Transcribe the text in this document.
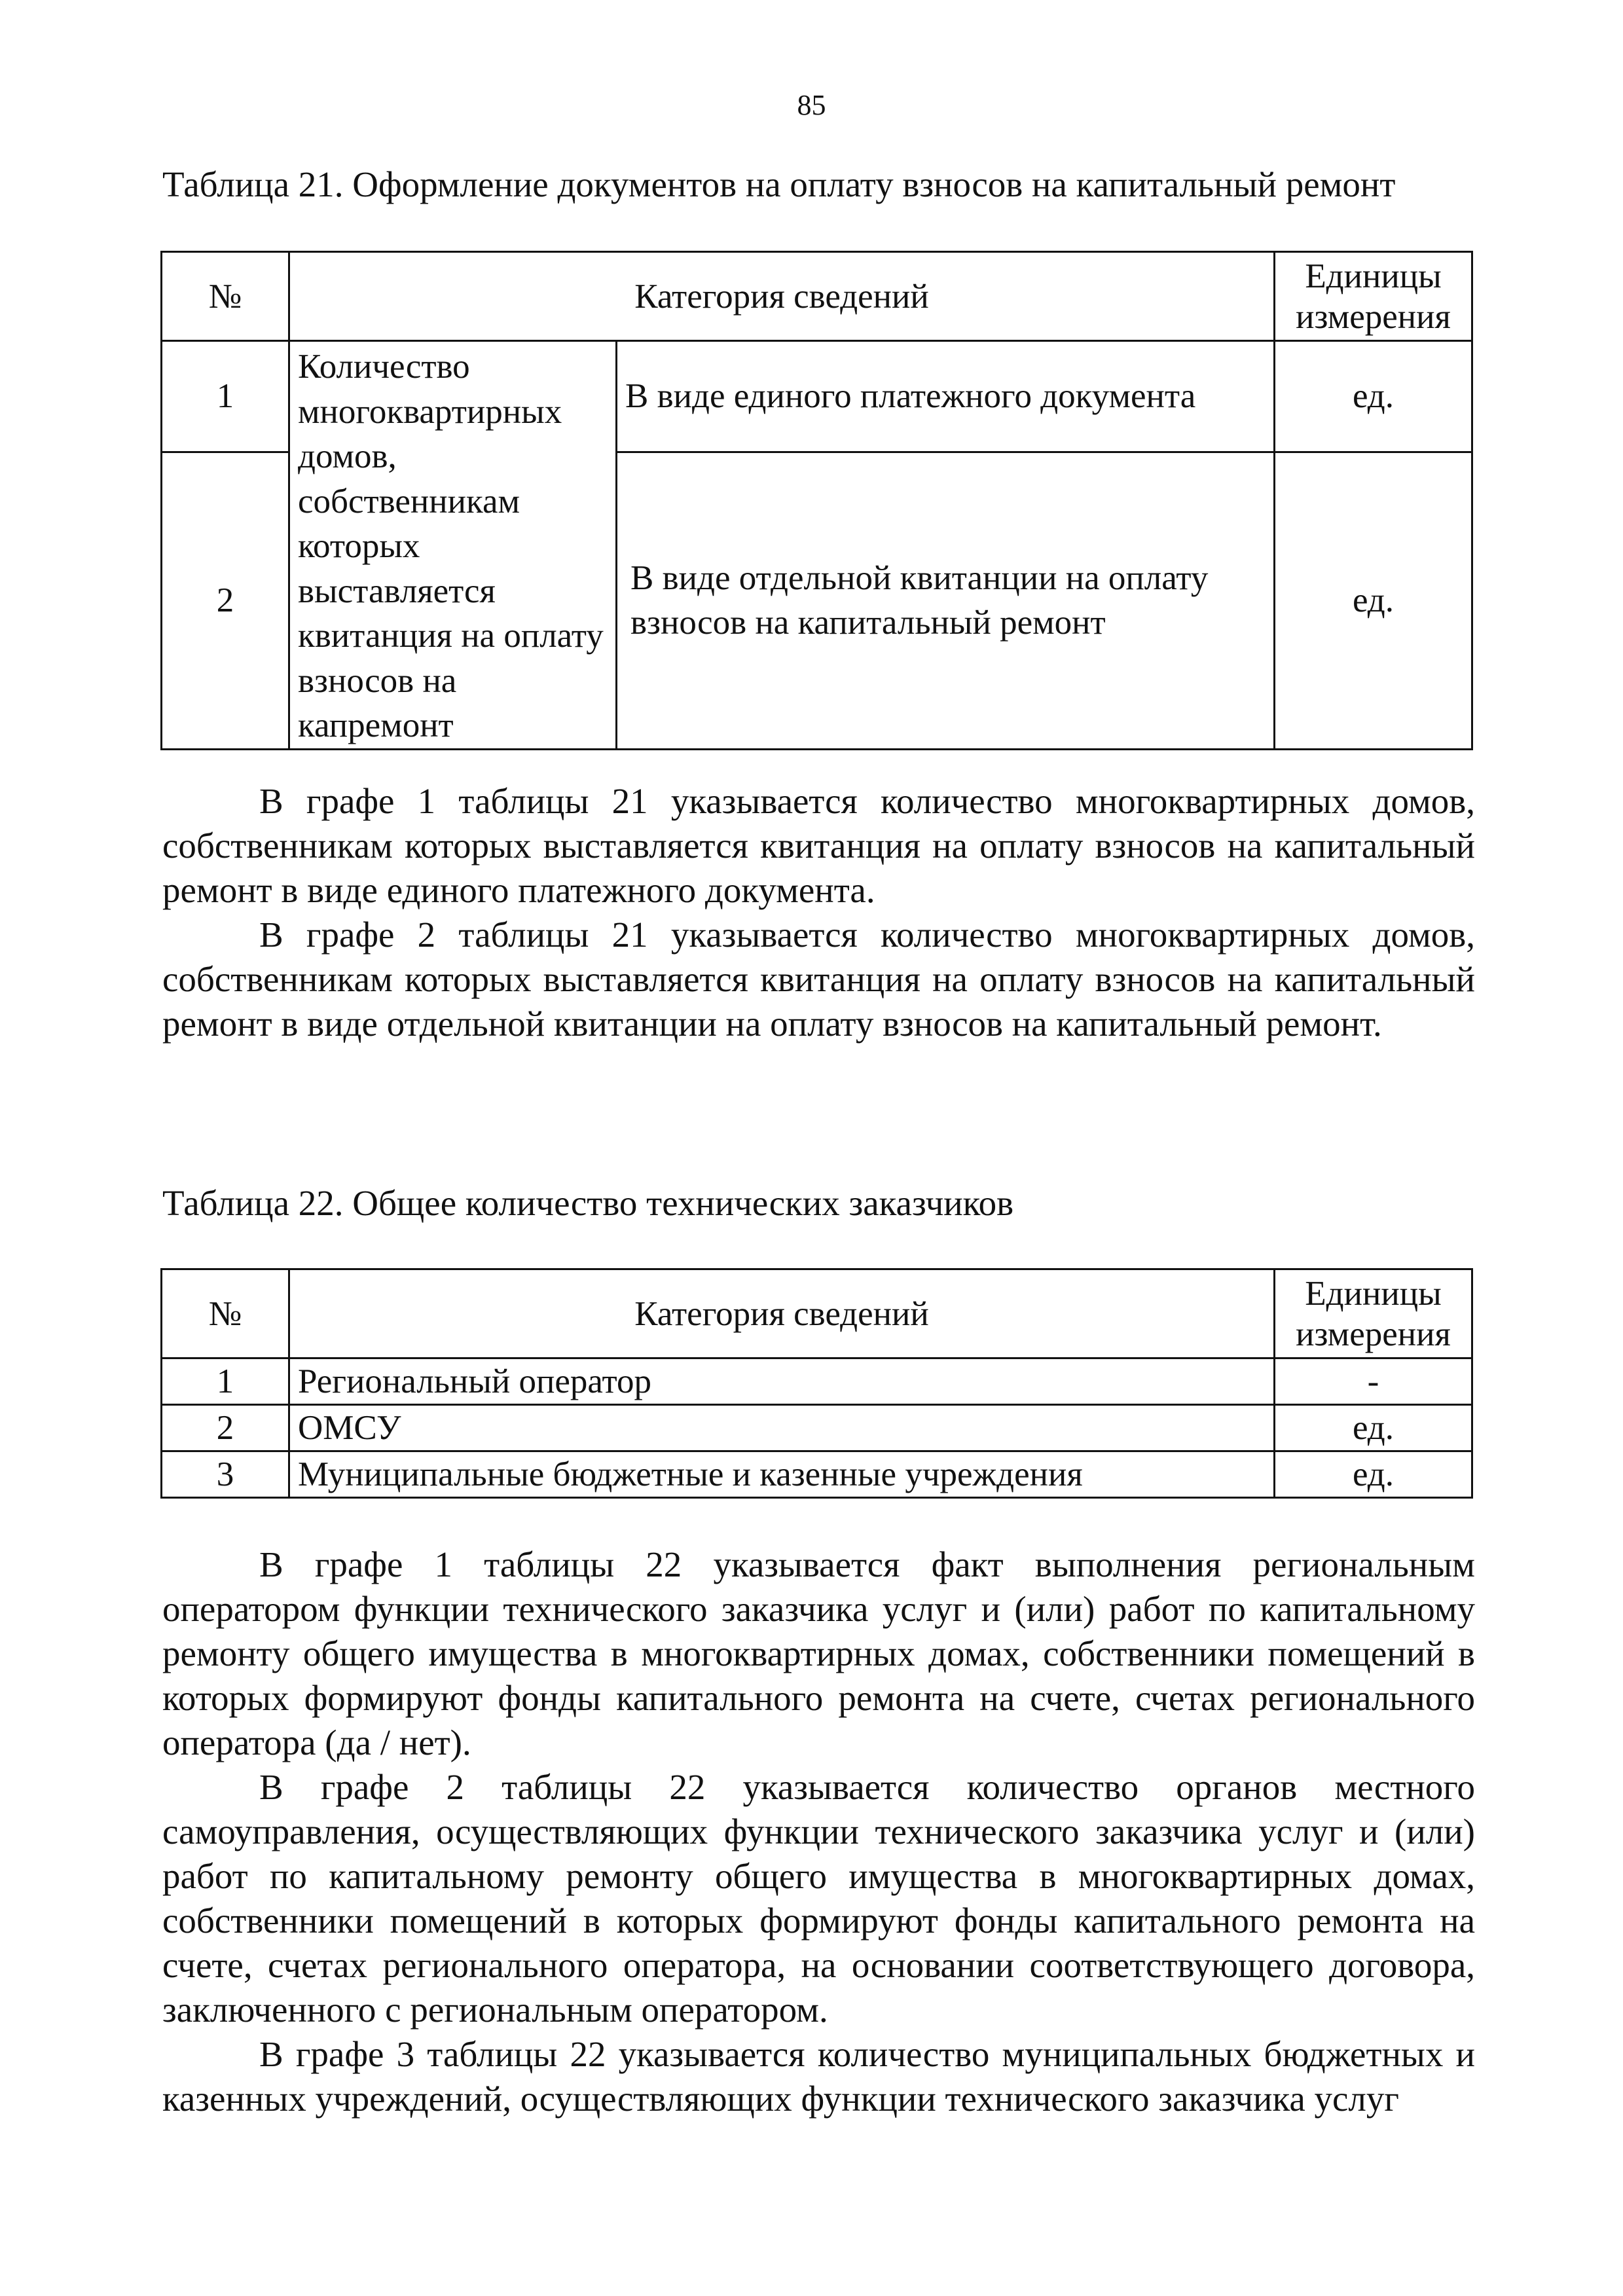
85
Таблица 21. Оформление документов на оплату взносов на капитальный ремонт
№	Категория сведений		Единицы измерения
1	Количество многоквартирных домов, собственникам которых выставляется квитанция на оплату взносов на капремонт	В виде единого платежного документа	ед.
2		В виде отдельной квитанции на оплату взносов на капитальный ремонт	ед.

В графе 1 таблицы 21 указывается количество многоквартирных домов, собственникам которых выставляется квитанция на оплату взносов на капитальный ремонт в виде единого платежного документа.

В графе 2 таблицы 21 указывается количество многоквартирных домов, собственникам которых выставляется квитанция на оплату взносов на капитальный ремонт в виде отдельной квитанции на оплату взносов на капитальный ремонт.

Таблица 22. Общее количество технических заказчиков
№	Категория сведений	Единицы измерения
1	Региональный оператор	-
2	ОМСУ	ед.
3	Муниципальные бюджетные и казенные учреждения	ед.

В графе 1 таблицы 22 указывается факт выполнения региональным оператором функции технического заказчика услуг и (или) работ по капитальному ремонту общего имущества в многоквартирных домах, собственники помещений в которых формируют фонды капитального ремонта на счете, счетах регионального оператора (да / нет).

В графе 2 таблицы 22 указывается количество органов местного самоуправления, осуществляющих функции технического заказчика услуг и (или) работ по капитальному ремонту общего имущества в многоквартирных домах, собственники помещений в которых формируют фонды капитального ремонта на счете, счетах регионального оператора, на основании соответствующего договора, заключенного с региональным оператором.

В графе 3 таблицы 22 указывается количество муниципальных бюджетных и казенных учреждений, осуществляющих функции технического заказчика услуг
